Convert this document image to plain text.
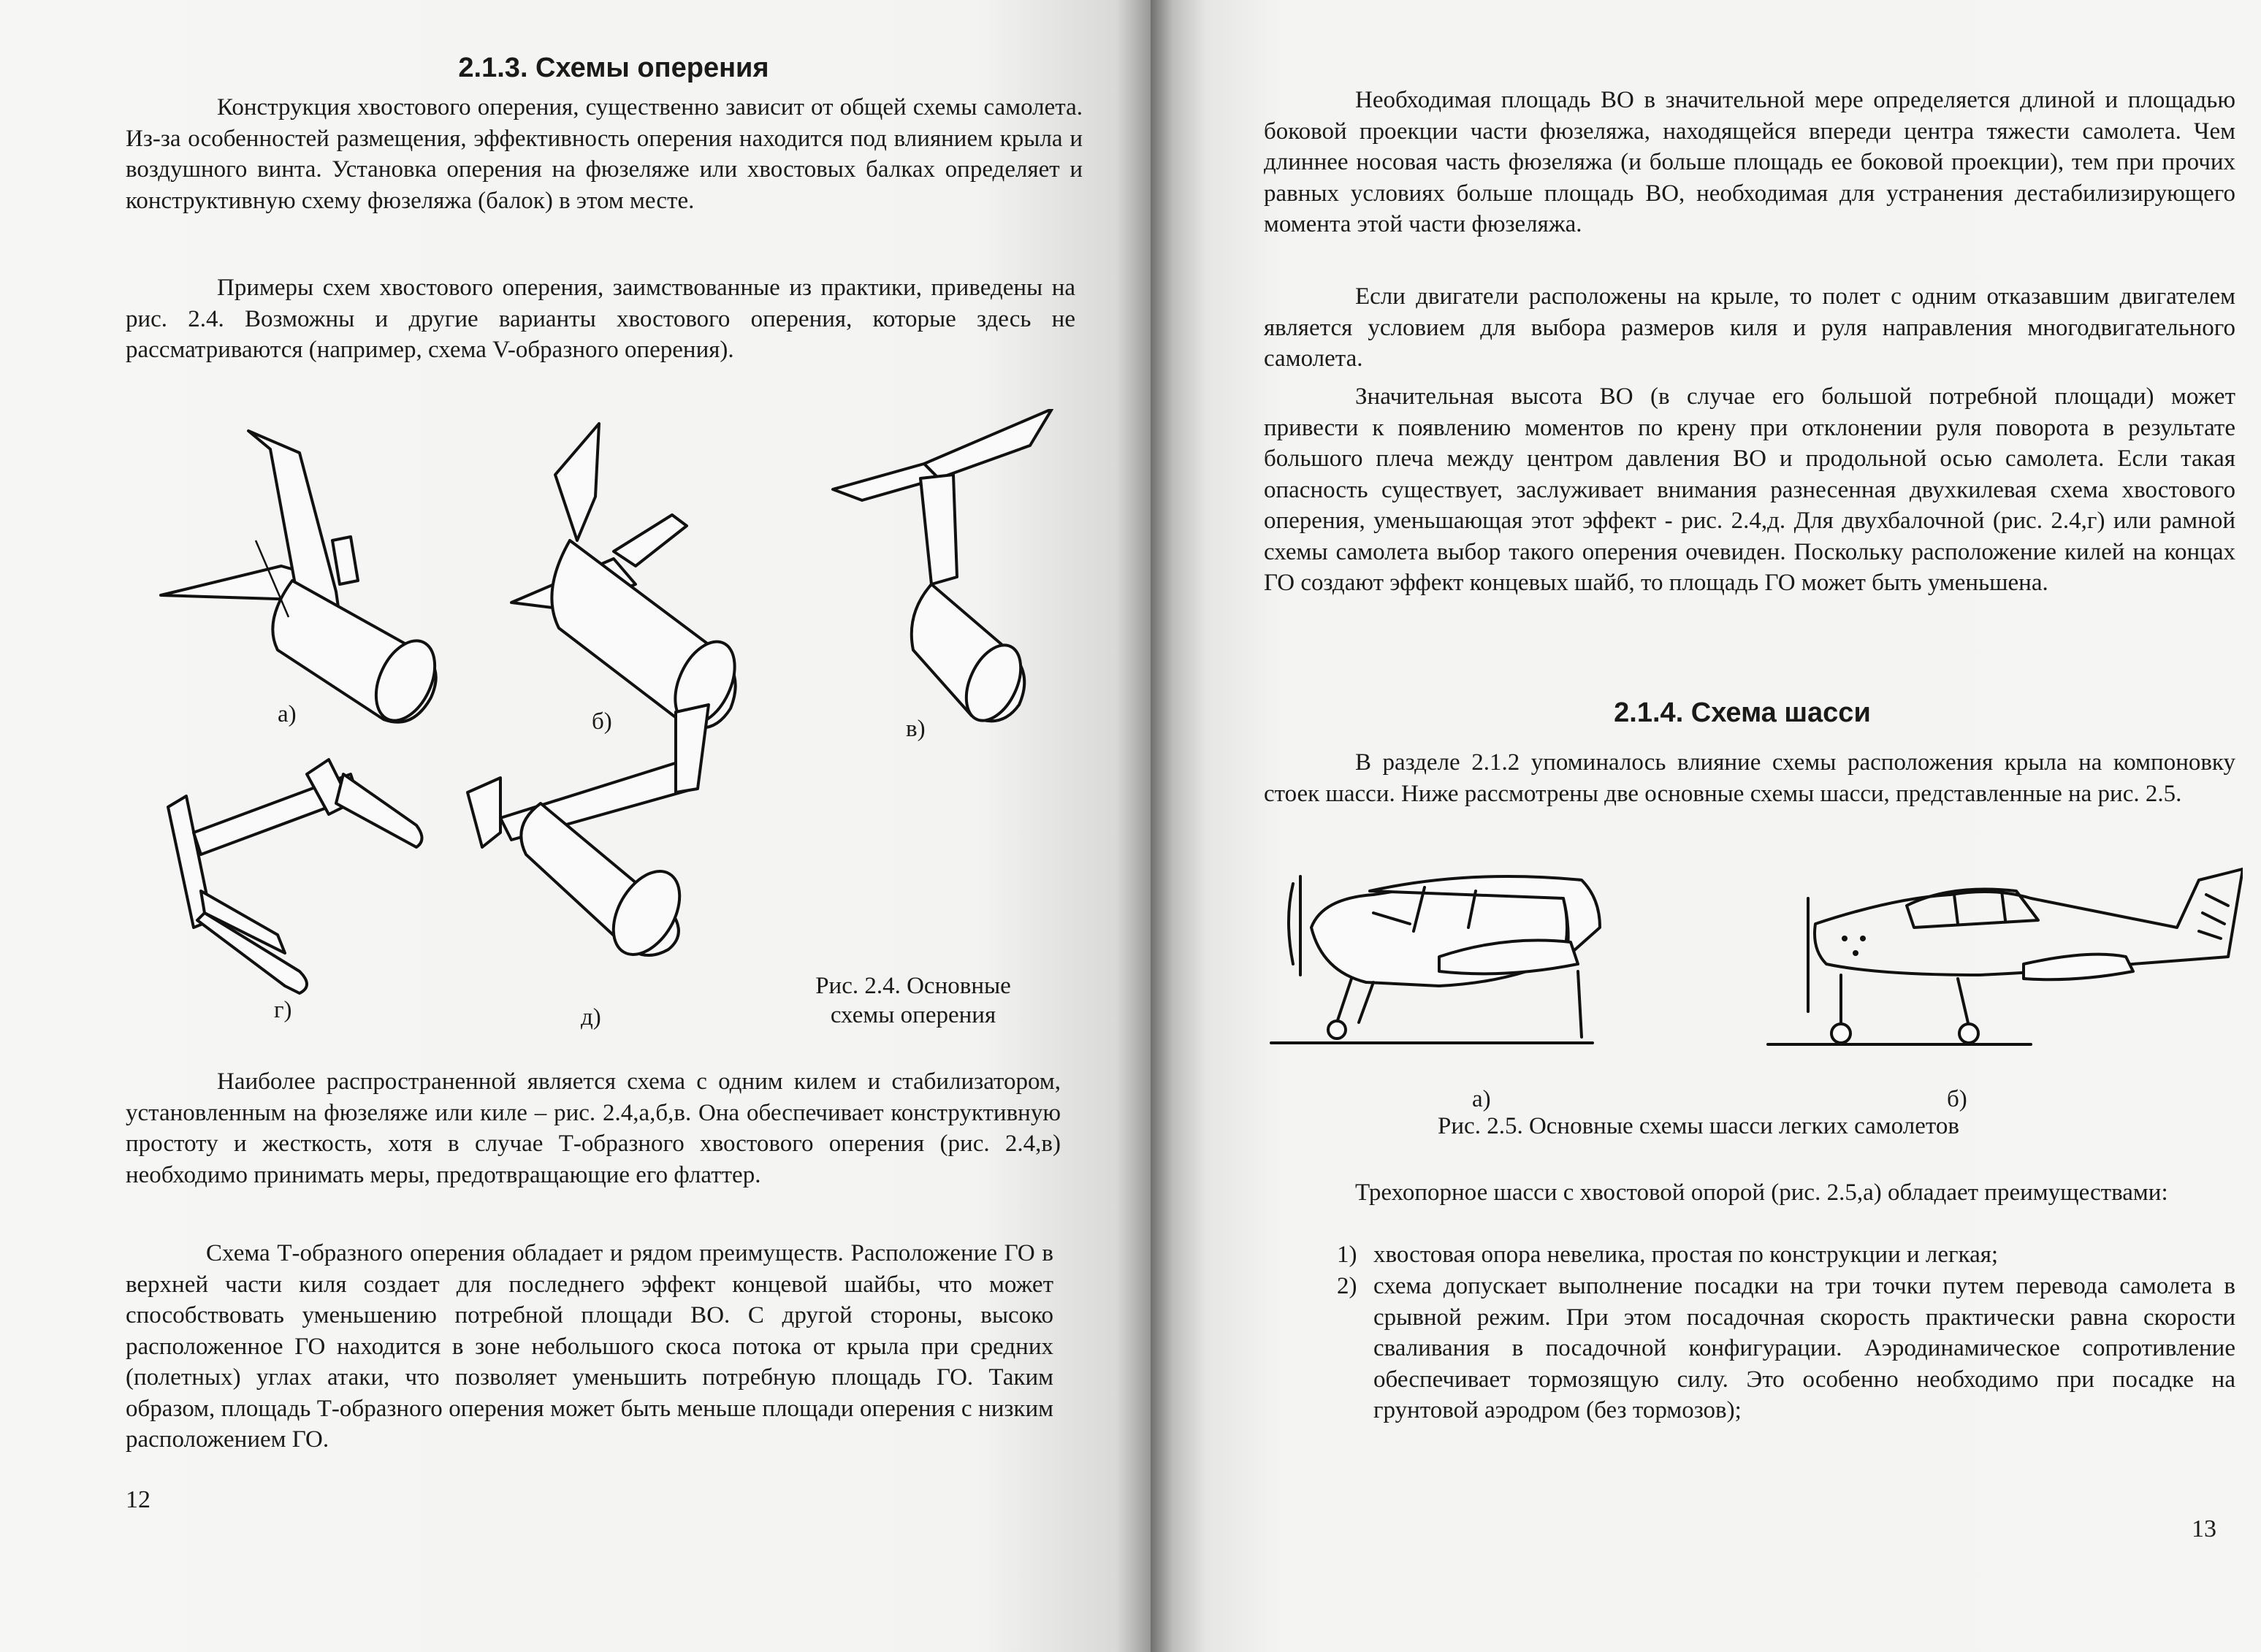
2.1.3. Схемы оперения

Конструкция хвостового оперения, существенно зависит от общей схемы самолета. Из-за особенностей размещения, эффективность оперения находится под влиянием крыла и воздушного винта. Установка оперения на фюзеляже или хвостовых балках определяет и конструктивную схему фюзеляжа (балок) в этом месте.

Примеры схем хвостового оперения, заимствованные из практики, приведены на рис. 2.4. Возможны и другие варианты хвостового оперения, которые здесь не рассматриваются (например, схема V-образного оперения).

а)	б)	в)
г)	д)
Рис. 2.4. Основные
схемы оперения

Наиболее распространенной является схема с одним килем и стабилизатором, установленным на фюзеляже или киле – рис. 2.4,а,б,в. Она обеспечивает конструктивную простоту и жесткость, хотя в случае Т-образного хвостового оперения (рис. 2.4,в) необходимо принимать меры, предотвращающие его флаттер.

Схема Т-образного оперения обладает и рядом преимуществ. Расположение ГО в верхней части киля создает для последнего эффект концевой шайбы, что может способствовать уменьшению потребной площади ВО. С другой стороны, высоко расположенное ГО находится в зоне небольшого скоса потока от крыла при средних (полетных) углах атаки, что позволяет уменьшить потребную площадь ГО. Таким образом, площадь Т-образного оперения может быть меньше площади оперения с низким расположением ГО.

12

Необходимая площадь ВО в значительной мере определяется длиной и площадью боковой проекции части фюзеляжа, находящейся впереди центра тяжести самолета. Чем длиннее носовая часть фюзеляжа (и больше площадь ее боковой проекции), тем при прочих равных условиях больше площадь ВО, необходимая для устранения дестабилизирующего момента этой части фюзеляжа.

Если двигатели расположены на крыле, то полет с одним отказавшим двигателем является условием для выбора размеров киля и руля направления многодвигательного самолета.

Значительная высота ВО (в случае его большой потребной площади) может привести к появлению моментов по крену при отклонении руля поворота в результате большого плеча между центром давления ВО и продольной осью самолета. Если такая опасность существует, заслуживает внимания разнесенная двухкилевая схема хвостового оперения, уменьшающая этот эффект - рис. 2.4,д. Для двухбалочной (рис. 2.4,г) или рамной схемы самолета выбор такого оперения очевиден. Поскольку расположение килей на концах ГО создают эффект концевых шайб, то площадь ГО может быть уменьшена.

2.1.4. Схема шасси

В разделе 2.1.2 упоминалось влияние схемы расположения крыла на компоновку стоек шасси. Ниже рассмотрены две основные схемы шасси, представленные на рис. 2.5.

а)	б)
Рис. 2.5. Основные схемы шасси легких самолетов

Трехопорное шасси с хвостовой опорой (рис. 2.5,а) обладает преимуществами:

1) хвостовая опора невелика, простая по конструкции и легкая;
2) схема допускает выполнение посадки на три точки путем перевода самолета в срывной режим. При этом посадочная скорость практически равна скорости сваливания в посадочной конфигурации. Аэродинамическое сопротивление обеспечивает тормозящую силу. Это особенно необходимо при посадке на грунтовой аэродром (без тормозов);
13
